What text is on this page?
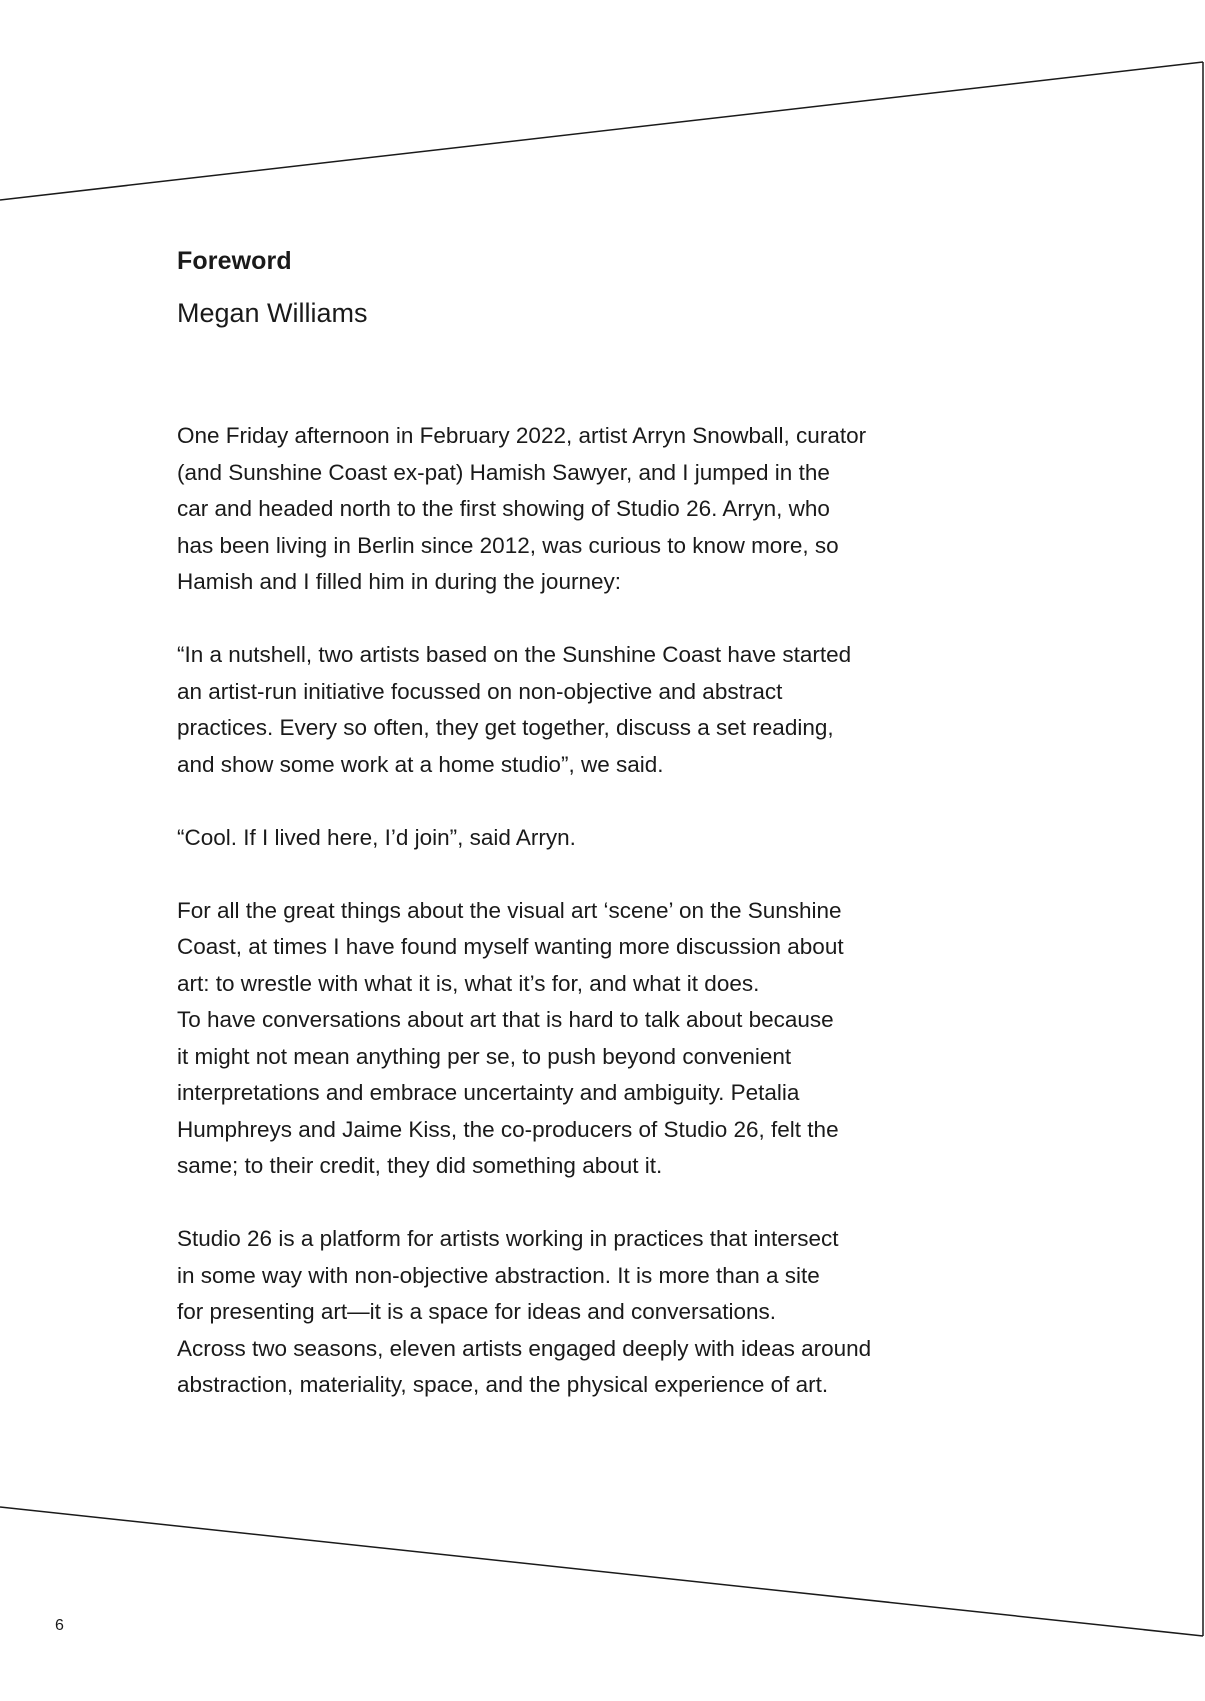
Foreword
Megan Williams

One Friday afternoon in February 2022, artist Arryn Snowball, curator
(and Sunshine Coast ex-pat) Hamish Sawyer, and I jumped in the
car and headed north to the first showing of Studio 26. Arryn, who
has been living in Berlin since 2012, was curious to know more, so
Hamish and I filled him in during the journey:

“In a nutshell, two artists based on the Sunshine Coast have started
an artist-run initiative focussed on non-objective and abstract
practices. Every so often, they get together, discuss a set reading,
and show some work at a home studio”, we said.

“Cool. If I lived here, I’d join”, said Arryn.

For all the great things about the visual art ‘scene’ on the Sunshine
Coast, at times I have found myself wanting more discussion about
art: to wrestle with what it is, what it’s for, and what it does.
To have conversations about art that is hard to talk about because
it might not mean anything per se, to push beyond convenient
interpretations and embrace uncertainty and ambiguity. Petalia
Humphreys and Jaime Kiss, the co-producers of Studio 26, felt the
same; to their credit, they did something about it.

Studio 26 is a platform for artists working in practices that intersect
in some way with non-objective abstraction. It is more than a site
for presenting art—it is a space for ideas and conversations.
Across two seasons, eleven artists engaged deeply with ideas around
abstraction, materiality, space, and the physical experience of art.

6
